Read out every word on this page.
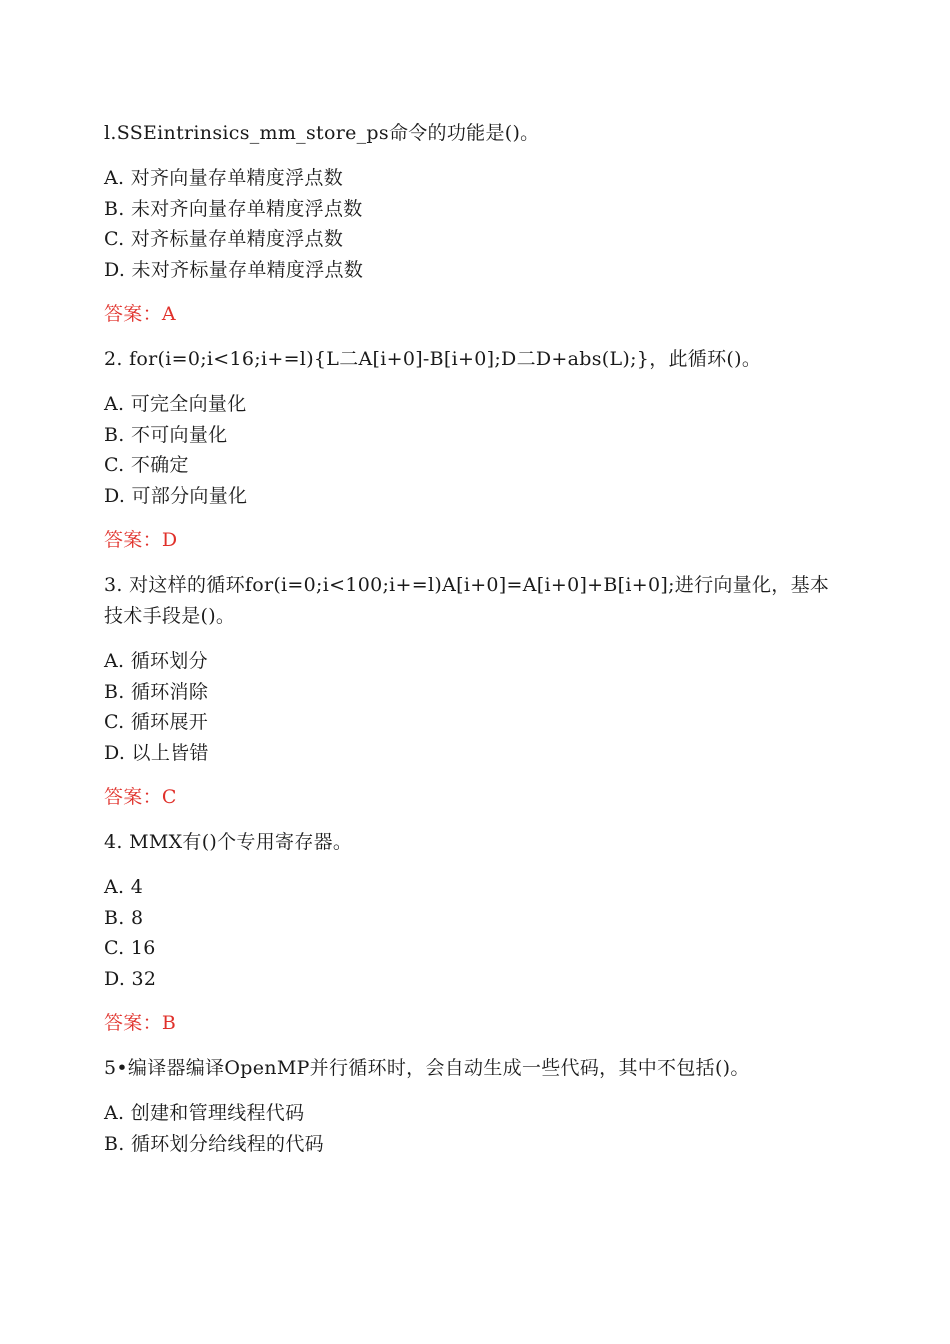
l.SSEintrinsics_mm_store_ps命令的功能是()。
A. 对齐向量存单精度浮点数
B. 未对齐向量存单精度浮点数
C. 对齐标量存单精度浮点数
D. 未对齐标量存单精度浮点数
答案：A
2. for(i=0;i<16;i+=l){L二A[i+0]-B[i+0];D二D+abs(L);}，此循环()。
A. 可完全向量化
B. 不可向量化
C. 不确定
D. 可部分向量化
答案：D
3. 对这样的循环for(i=0;i<100;i+=l)A[i+0]=A[i+0]+B[i+0];进行向量化，基本技术手段是()。
A. 循环划分
B. 循环消除
C. 循环展开
D. 以上皆错
答案：C
4. MMX有()个专用寄存器。
A. 4
B. 8
C. 16
D. 32
答案：B
5•编译器编译OpenMP并行循环时，会自动生成一些代码，其中不包括()。
A. 创建和管理线程代码
B. 循环划分给线程的代码
